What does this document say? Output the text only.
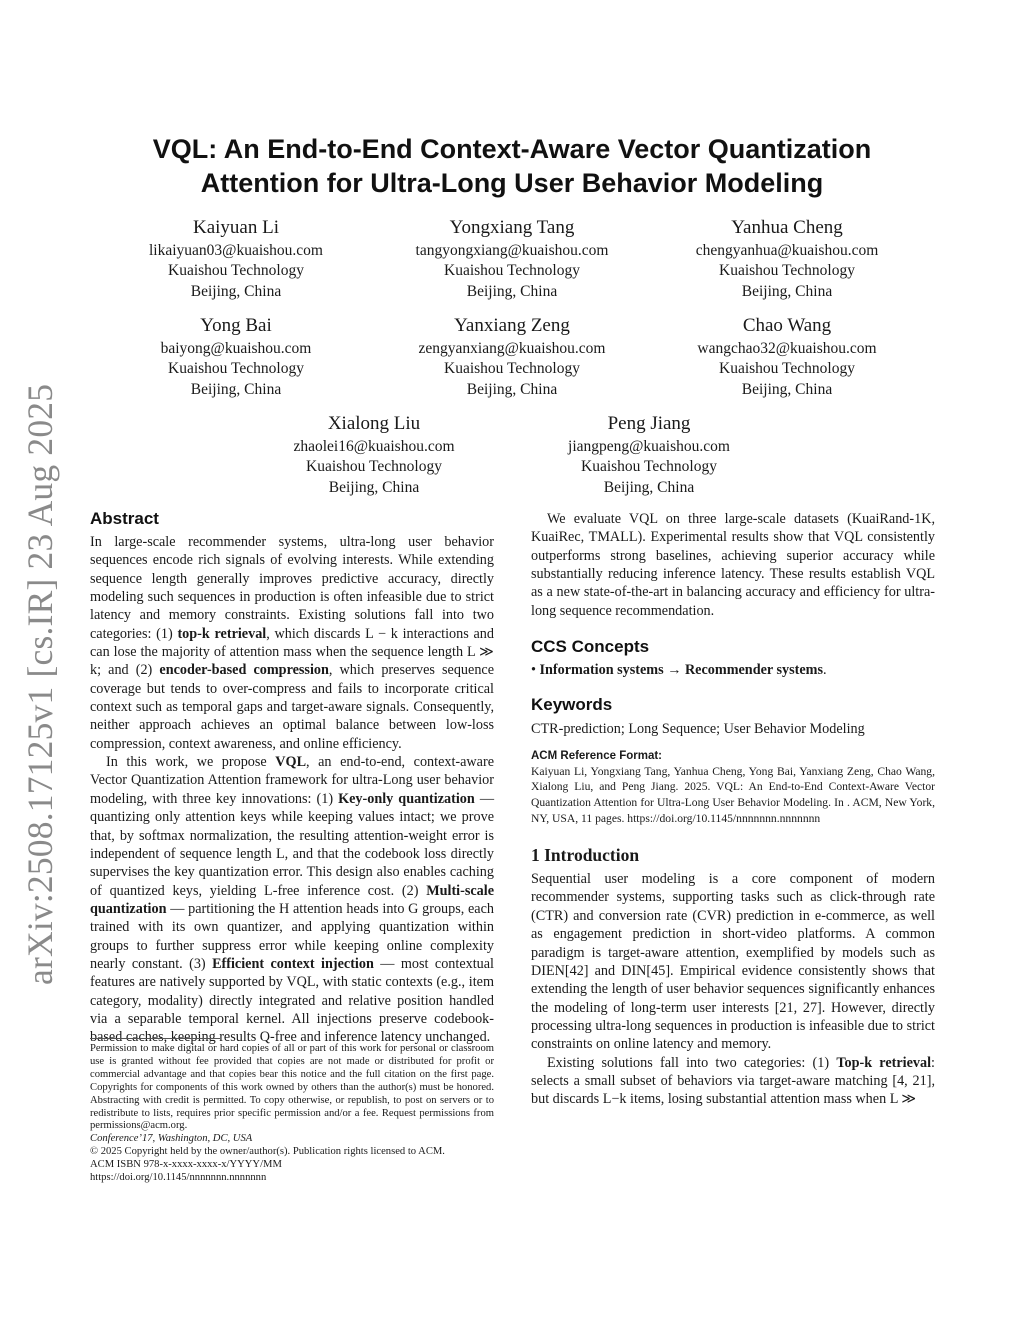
arXiv:2508.17125v1 [cs.IR] 23 Aug 2025
VQL: An End-to-End Context-Aware Vector Quantization
Attention for Ultra-Long User Behavior Modeling
Kaiyuan Li
likaiyuan03@kuaishou.com
Kuaishou Technology
Beijing, China
Yongxiang Tang
tangyongxiang@kuaishou.com
Kuaishou Technology
Beijing, China
Yanhua Cheng
chengyanhua@kuaishou.com
Kuaishou Technology
Beijing, China
Yong Bai
baiyong@kuaishou.com
Kuaishou Technology
Beijing, China
Yanxiang Zeng
zengyanxiang@kuaishou.com
Kuaishou Technology
Beijing, China
Chao Wang
wangchao32@kuaishou.com
Kuaishou Technology
Beijing, China
Xialong Liu
zhaolei16@kuaishou.com
Kuaishou Technology
Beijing, China
Peng Jiang
jiangpeng@kuaishou.com
Kuaishou Technology
Beijing, China
Abstract

In large-scale recommender systems, ultra-long user behavior sequences encode rich signals of evolving interests. While extending sequence length generally improves predictive accuracy, directly modeling such sequences in production is often infeasible due to strict latency and memory constraints. Existing solutions fall into two categories: (1) top-k retrieval, which discards L − k interactions and can lose the majority of attention mass when the sequence length L ≫ k; and (2) encoder-based compression, which preserves sequence coverage but tends to over-compress and fails to incorporate critical context such as temporal gaps and target-aware signals. Consequently, neither approach achieves an optimal balance between low-loss compression, context awareness, and online efficiency.

In this work, we propose VQL, an end-to-end, context-aware Vector Quantization Attention framework for ultra-Long user behavior modeling, with three key innovations: (1) Key-only quantization — quantizing only attention keys while keeping values intact; we prove that, by softmax normalization, the resulting attention-weight error is independent of sequence length L, and that the codebook loss directly supervises the key quantization error. This design also enables caching of quantized keys, yielding L-free inference cost. (2) Multi-scale quantization — partitioning the H attention heads into G groups, each trained with its own quantizer, and applying quantization within groups to further suppress error while keeping online complexity nearly constant. (3) Efficient context injection — most contextual features are natively supported by VQL, with static contexts (e.g., item category, modality) directly integrated and relative position handled via a separable temporal kernel. All injections preserve codebook-based caches, keeping results Q-free and inference latency unchanged.

Permission to make digital or hard copies of all or part of this work for personal or classroom use is granted without fee provided that copies are not made or distributed for profit or commercial advantage and that copies bear this notice and the full citation on the first page. Copyrights for components of this work owned by others than the author(s) must be honored. Abstracting with credit is permitted. To copy otherwise, or republish, to post on servers or to redistribute to lists, requires prior specific permission and/or a fee. Request permissions from permissions@acm.org.

Conference’17, Washington, DC, USA

© 2025 Copyright held by the owner/author(s). Publication rights licensed to ACM.

ACM ISBN 978-x-xxxx-xxxx-x/YYYY/MM

https://doi.org/10.1145/nnnnnnn.nnnnnnn

We evaluate VQL on three large-scale datasets (KuaiRand-1K, KuaiRec, TMALL). Experimental results show that VQL consistently outperforms strong baselines, achieving superior accuracy while substantially reducing inference latency. These results establish VQL as a new state-of-the-art in balancing accuracy and efficiency for ultra-long sequence recommendation.

CCS Concepts

• Information systems → Recommender systems.

Keywords

CTR-prediction; Long Sequence; User Behavior Modeling

ACM Reference Format:

Kaiyuan Li, Yongxiang Tang, Yanhua Cheng, Yong Bai, Yanxiang Zeng, Chao Wang, Xialong Liu, and Peng Jiang. 2025. VQL: An End-to-End Context-Aware Vector Quantization Attention for Ultra-Long User Behavior Modeling. In . ACM, New York, NY, USA, 11 pages. https://doi.org/10.1145/nnnnnnn.nnnnnnn

1 Introduction

Sequential user modeling is a core component of modern recommender systems, supporting tasks such as click-through rate (CTR) and conversion rate (CVR) prediction in e-commerce, as well as engagement prediction in short-video platforms. A common paradigm is target-aware attention, exemplified by models such as DIEN[42] and DIN[45]. Empirical evidence consistently shows that extending the length of user behavior sequences significantly enhances the modeling of long-term user interests [21, 27]. However, directly processing ultra-long sequences in production is infeasible due to strict constraints on online latency and memory.

Existing solutions fall into two categories: (1) Top-k retrieval: selects a small subset of behaviors via target-aware matching [4, 21], but discards L−k items, losing substantial attention mass when L ≫
